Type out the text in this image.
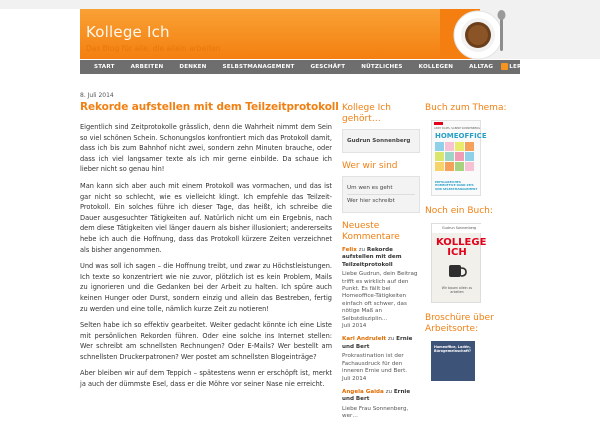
Kollege Ich
Das Blog für alle, die allein arbeiten
START	ARBEITEN	DENKEN	SELBSTMANAGEMENT	GESCHÄFT	NÜTZLICHES	KOLLEGEN	ALLTAG	LERNEN
8. Juli 2014
Rekorde aufstellen mit dem Teilzeitprotokoll

Eigentlich sind Zeitprotokolle grässlich, denn die Wahrheit nimmt dem Sein so viel schönen Schein. Schonungslos konfrontiert mich das Protokoll damit, dass ich bis zum Bahnhof nicht zwei, sondern zehn Minuten brauche, oder dass ich viel langsamer texte als ich mir gerne einbilde. Da schaue ich lieber nicht so genau hin!

Man kann sich aber auch mit einem Protokoll was vormachen, und das ist gar nicht so schlecht, wie es vielleicht klingt. Ich empfehle das Teilzeit-Protokoll. Ein solches führe ich dieser Tage, das heißt, ich schreibe die Dauer ausgesuchter Tätigkeiten auf. Natürlich nicht um ein Ergebnis, nach dem diese Tätigkeiten viel länger dauern als bisher illusioniert; andererseits hebe ich auch die Hoffnung, dass das Protokoll kürzere Zeiten verzeichnet als bisher angenommen.

Und was soll ich sagen – die Hoffnung treibt, und zwar zu Höchstleistungen. Ich texte so konzentriert wie nie zuvor, plötzlich ist es kein Problem, Mails zu ignorieren und die Gedanken bei der Arbeit zu halten. Ich spüre auch keinen Hunger oder Durst, sondern einzig und allein das Bestreben, fertig zu werden und eine tolle, nämlich kurze Zeit zu notieren!

Selten habe ich so effektiv gearbeitet. Weiter gedacht könnte ich eine Liste mit persönlichen Rekorden führen. Oder eine solche ins Internet stellen: Wer schreibt am schnellsten Rechnungen? Oder E-Mails? Wer bestellt am schnellsten Druckerpatronen? Wer postet am schnellsten Blogeinträge?

Aber bleiben wir auf dem Teppich – spätestens wenn er erschöpft ist, merkt ja auch der dümmste Esel, dass er die Möhre vor seiner Nase nie erreicht.

Kollege Ich gehört…
Gudrun Sonnenberg
Wer wir sind
Um wen es geht
Wer hier schreibt
Neueste Kommentare
Felix zu Rekorde aufstellen mit dem Teilzeitprotokoll
Liebe Gudrun, dein Beitrag trifft es wirklich auf den Punkt. Es fällt bei Homeoffice-Tätigkeiten einfach oft schwer, das nötige Maß an Selbstdisziplin…
Juli 2014
Karl Andrulelt zu Ernie und Bert
Prokrastination ist der Fachausdruck für den inneren Ernie und Bert.
Juli 2014
Angela Gaida zu Ernie und Bert
Liebe Frau Sonnenberg, wer…
Buch zum Thema:
ANDY DAMS, SABINE SONNENBERG
HOMEOFFICE
ERFOLGREICHES HOMEOFFICE DANK ZEIT- UND SELBSTMANAGEMENT
Noch ein Buch:
Gudrun Sonnenberg
KOLLEGE ICH
Wir bauen allein zu arbeiten
Broschüre über Arbeitsorte:
Homeoffice, Ladén, Bürogemeinschaft?
